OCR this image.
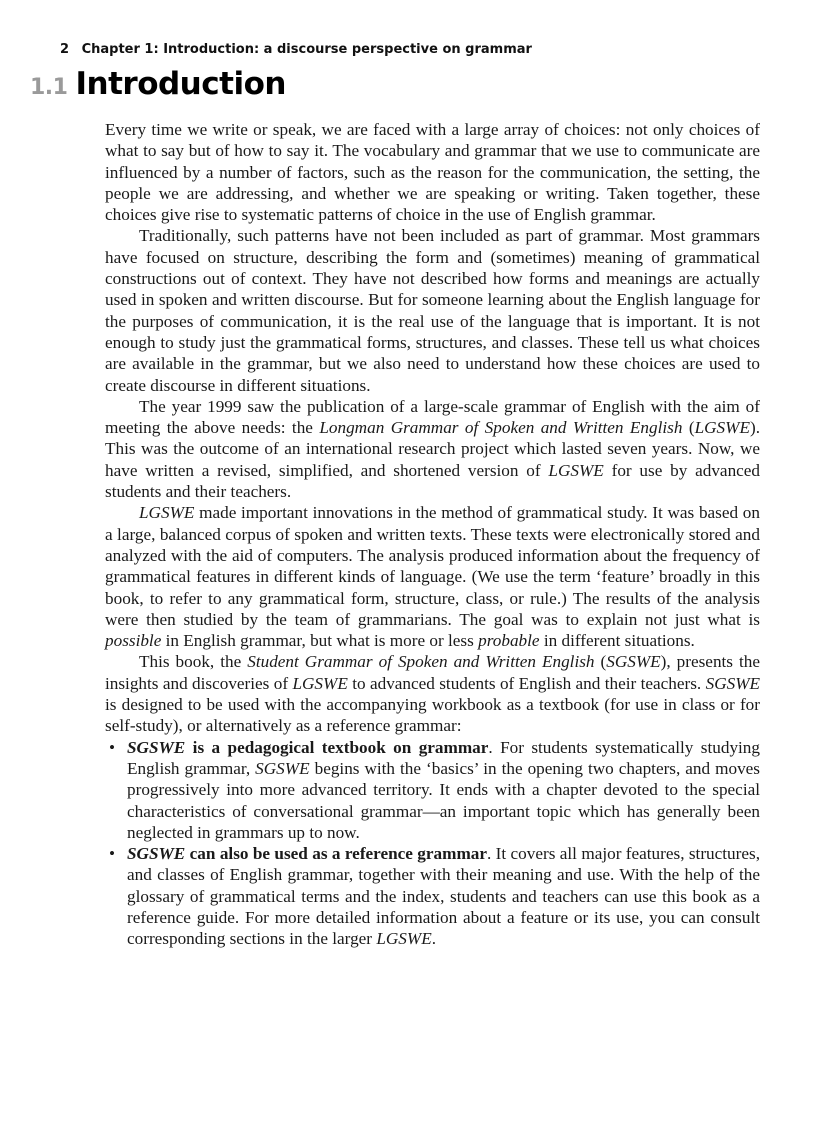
2 Chapter 1: Introduction: a discourse perspective on grammar
1.1 Introduction

Every time we write or speak, we are faced with a large array of choices: not only choices of what to say but of how to say it. The vocabulary and grammar that we use to communicate are influenced by a number of factors, such as the reason for the communication, the setting, the people we are addressing, and whether we are speaking or writing. Taken together, these choices give rise to systematic patterns of choice in the use of English grammar.

Traditionally, such patterns have not been included as part of grammar. Most grammars have focused on structure, describing the form and (sometimes) meaning of grammatical constructions out of context. They have not described how forms and meanings are actually used in spoken and written discourse. But for someone learning about the English language for the purposes of communication, it is the real use of the language that is important. It is not enough to study just the grammatical forms, structures, and classes. These tell us what choices are available in the grammar, but we also need to understand how these choices are used to create discourse in different situations.

The year 1999 saw the publication of a large-scale grammar of English with the aim of meeting the above needs: the Longman Grammar of Spoken and Written English (LGSWE). This was the outcome of an international research project which lasted seven years. Now, we have written a revised, simplified, and shortened version of LGSWE for use by advanced students and their teachers.

LGSWE made important innovations in the method of grammatical study. It was based on a large, balanced corpus of spoken and written texts. These texts were electronically stored and analyzed with the aid of computers. The analysis produced information about the frequency of grammatical features in different kinds of language. (We use the term ‘feature’ broadly in this book, to refer to any grammatical form, structure, class, or rule.) The results of the analysis were then studied by the team of grammarians. The goal was to explain not just what is possible in English grammar, but what is more or less probable in different situations.

This book, the Student Grammar of Spoken and Written English (SGSWE), presents the insights and discoveries of LGSWE to advanced students of English and their teachers. SGSWE is designed to be used with the accompanying workbook as a textbook (for use in class or for self-study), or alternatively as a reference grammar:

• SGSWE is a pedagogical textbook on grammar. For students systematically studying English grammar, SGSWE begins with the ‘basics’ in the opening two chapters, and moves progressively into more advanced territory. It ends with a chapter devoted to the special characteristics of conversational grammar—an important topic which has generally been neglected in grammars up to now.
• SGSWE can also be used as a reference grammar. It covers all major features, structures, and classes of English grammar, together with their meaning and use. With the help of the glossary of grammatical terms and the index, students and teachers can use this book as a reference guide. For more detailed information about a feature or its use, you can consult corresponding sections in the larger LGSWE.
